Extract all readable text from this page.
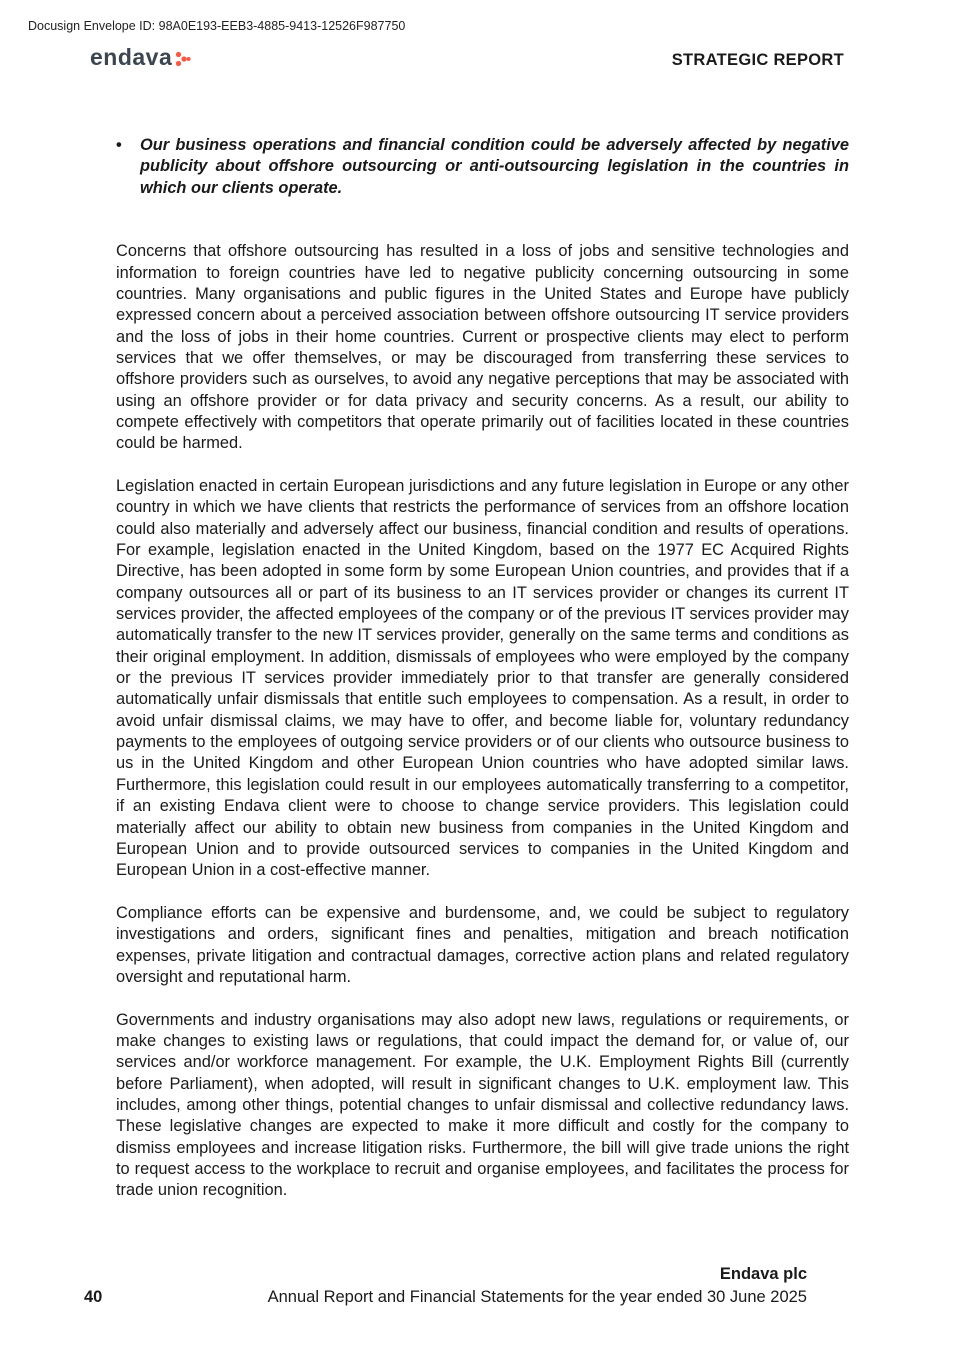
Docusign Envelope ID: 98A0E193-EEB3-4885-9413-12526F987750
endava	STRATEGIC REPORT
• Our business operations and financial condition could be adversely affected by negative publicity about offshore outsourcing or anti-outsourcing legislation in the countries in which our clients operate.

Concerns that offshore outsourcing has resulted in a loss of jobs and sensitive technologies and information to foreign countries have led to negative publicity concerning outsourcing in some countries. Many organisations and public figures in the United States and Europe have publicly expressed concern about a perceived association between offshore outsourcing IT service providers and the loss of jobs in their home countries. Current or prospective clients may elect to perform services that we offer themselves, or may be discouraged from transferring these services to offshore providers such as ourselves, to avoid any negative perceptions that may be associated with using an offshore provider or for data privacy and security concerns. As a result, our ability to compete effectively with competitors that operate primarily out of facilities located in these countries could be harmed.

Legislation enacted in certain European jurisdictions and any future legislation in Europe or any other country in which we have clients that restricts the performance of services from an offshore location could also materially and adversely affect our business, financial condition and results of operations. For example, legislation enacted in the United Kingdom, based on the 1977 EC Acquired Rights Directive, has been adopted in some form by some European Union countries, and provides that if a company outsources all or part of its business to an IT services provider or changes its current IT services provider, the affected employees of the company or of the previous IT services provider may automatically transfer to the new IT services provider, generally on the same terms and conditions as their original employment. In addition, dismissals of employees who were employed by the company or the previous IT services provider immediately prior to that transfer are generally considered automatically unfair dismissals that entitle such employees to compensation. As a result, in order to avoid unfair dismissal claims, we may have to offer, and become liable for, voluntary redundancy payments to the employees of outgoing service providers or of our clients who outsource business to us in the United Kingdom and other European Union countries who have adopted similar laws. Furthermore, this legislation could result in our employees automatically transferring to a competitor, if an existing Endava client were to choose to change service providers. This legislation could materially affect our ability to obtain new business from companies in the United Kingdom and European Union and to provide outsourced services to companies in the United Kingdom and European Union in a cost-effective manner.

Compliance efforts can be expensive and burdensome, and, we could be subject to regulatory investigations and orders, significant fines and penalties, mitigation and breach notification expenses, private litigation and contractual damages, corrective action plans and related regulatory oversight and reputational harm.

Governments and industry organisations may also adopt new laws, regulations or requirements, or make changes to existing laws or regulations, that could impact the demand for, or value of, our services and/or workforce management. For example, the U.K. Employment Rights Bill (currently before Parliament), when adopted, will result in significant changes to U.K. employment law. This includes, among other things, potential changes to unfair dismissal and collective redundancy laws. These legislative changes are expected to make it more difficult and costly for the company to dismiss employees and increase litigation risks. Furthermore, the bill will give trade unions the right to request access to the workplace to recruit and organise employees, and facilitates the process for trade union recognition.

Endava plc
40	Annual Report and Financial Statements for the year ended 30 June 2025
